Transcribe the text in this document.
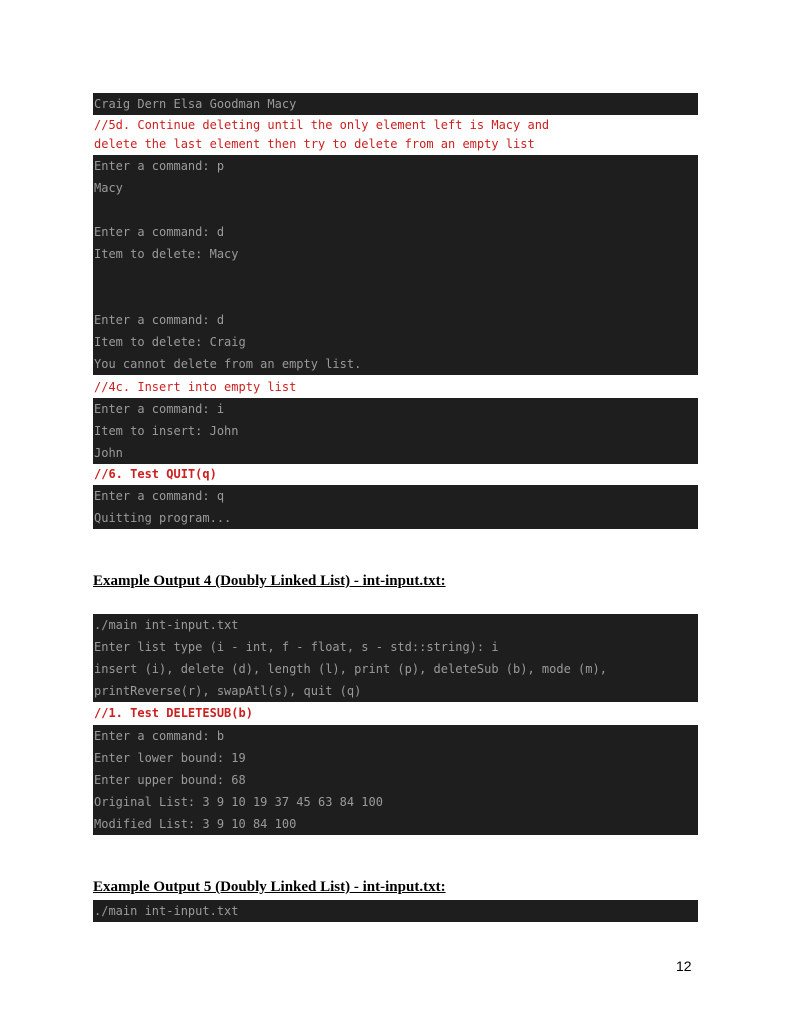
Craig Dern Elsa Goodman Macy
//5d. Continue deleting until the only element left is Macy and
delete the last element then try to delete from an empty list
Enter a command: p
Macy
Enter a command: d
Item to delete: Macy
Enter a command: d
Item to delete: Craig
You cannot delete from an empty list.
//4c. Insert into empty list
Enter a command: i
Item to insert: John
John
//6. Test QUIT(q)
Enter a command: q
Quitting program...
Example Output 4 (Doubly Linked List) - int-input.txt:
./main int-input.txt
Enter list type (i - int, f - float, s - std::string): i
insert (i), delete (d), length (l), print (p), deleteSub (b), mode (m),
printReverse(r), swapAtl(s), quit (q)
//1. Test DELETESUB(b)
Enter a command: b
Enter lower bound: 19
Enter upper bound: 68
Original List: 3 9 10 19 37 45 63 84 100
Modified List: 3 9 10 84 100
Example Output 5 (Doubly Linked List) - int-input.txt:
./main int-input.txt
12
